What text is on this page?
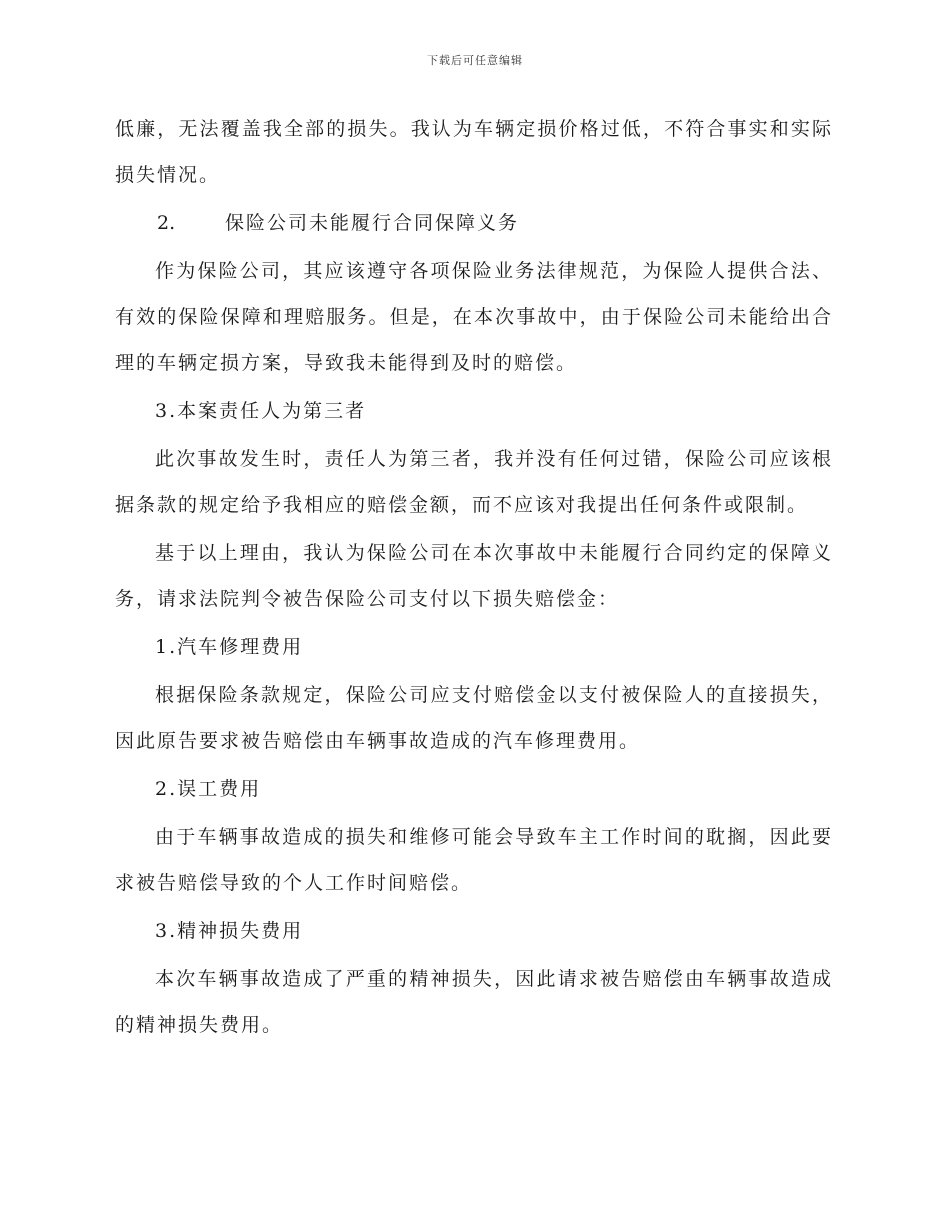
下载后可任意编辑

低廉，无法覆盖我全部的损失。我认为车辆定损价格过低，不符合事实和实际损失情况。

2.	保险公司未能履行合同保障义务

作为保险公司，其应该遵守各项保险业务法律规范，为保险人提供合法、有效的保险保障和理赔服务。但是，在本次事故中，由于保险公司未能给出合理的车辆定损方案，导致我未能得到及时的赔偿。

3.本案责任人为第三者

此次事故发生时，责任人为第三者，我并没有任何过错，保险公司应该根据条款的规定给予我相应的赔偿金额，而不应该对我提出任何条件或限制。

基于以上理由，我认为保险公司在本次事故中未能履行合同约定的保障义务，请求法院判令被告保险公司支付以下损失赔偿金：

1.汽车修理费用

根据保险条款规定，保险公司应支付赔偿金以支付被保险人的直接损失，因此原告要求被告赔偿由车辆事故造成的汽车修理费用。

2.误工费用

由于车辆事故造成的损失和维修可能会导致车主工作时间的耽搁，因此要求被告赔偿导致的个人工作时间赔偿。

3.精神损失费用

本次车辆事故造成了严重的精神损失，因此请求被告赔偿由车辆事故造成的精神损失费用。
